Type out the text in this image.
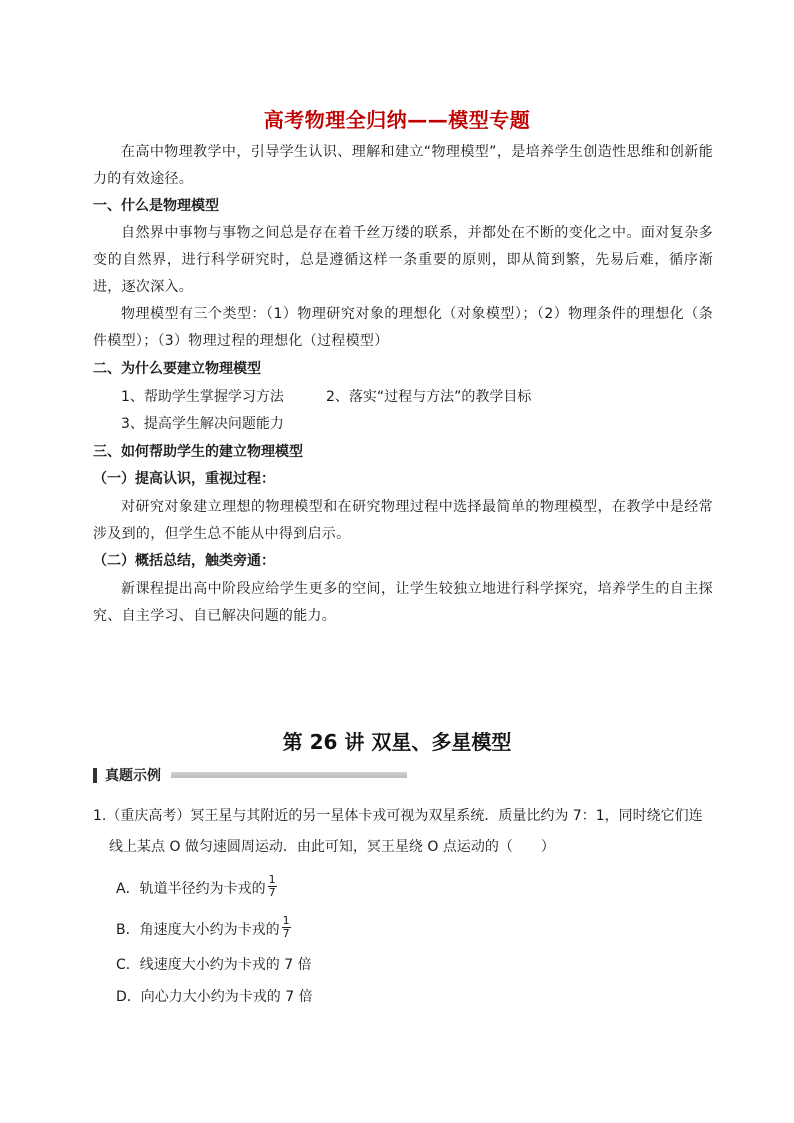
高考物理全归纳——模型专题
在高中物理教学中，引导学生认识、理解和建立“物理模型”，是培养学生创造性思维和创新能力的有效途径。
一、什么是物理模型
自然界中事物与事物之间总是存在着千丝万缕的联系，并都处在不断的变化之中。面对复杂多变的自然界，进行科学研究时，总是遵循这样一条重要的原则，即从简到繁，先易后难，循序渐进，逐次深入。
物理模型有三个类型：（1）物理研究对象的理想化（对象模型）；（2）物理条件的理想化（条件模型）；（3）物理过程的理想化（过程模型）
二、为什么要建立物理模型
1、帮助学生掌握学习方法	2、落实“过程与方法”的教学目标
3、提高学生解决问题能力
三、如何帮助学生的建立物理模型
（一）提高认识，重视过程：
对研究对象建立理想的物理模型和在研究物理过程中选择最简单的物理模型，在教学中是经常涉及到的，但学生总不能从中得到启示。
（二）概括总结，触类旁通：
新课程提出高中阶段应给学生更多的空间，让学生较独立地进行科学探究，培养学生的自主探究、自主学习、自已解决问题的能力。
第 26 讲 双星、多星模型
真题示例
1.（重庆高考）冥王星与其附近的另一星体卡戎可视为双星系统．质量比约为 7：1，同时绕它们连
线上某点 O 做匀速圆周运动．由此可知，冥王星绕 O 点运动的（　　）
A．轨道半径约为卡戎的 $\frac{1}{7}$
B．角速度大小约为卡戎的 $\frac{1}{7}$
C．线速度大小约为卡戎的 7 倍
D．向心力大小约为卡戎的 7 倍
